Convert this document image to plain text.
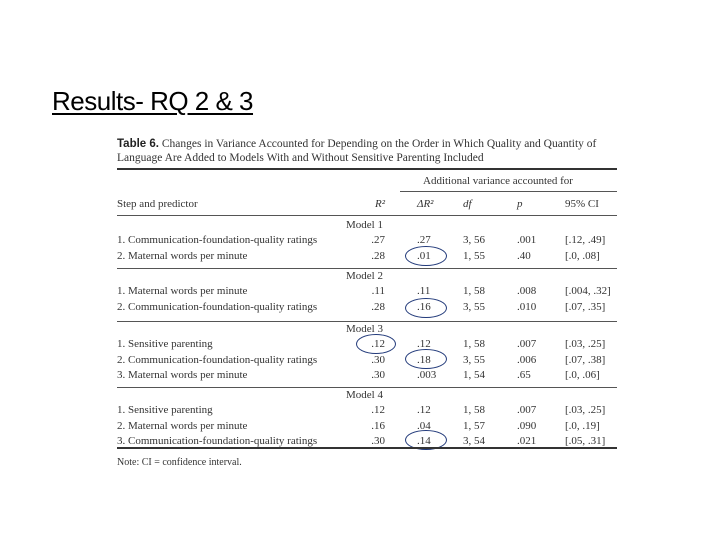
Results- RQ 2 & 3
Table 6. Changes in Variance Accounted for Depending on the Order in Which Quality and Quantity of Language Are Added to Models With and Without Sensitive Parenting Included
Additional variance accounted for
Step and predictor	R²	ΔR²	df	p	95% CI
Model 1
1. Communication-foundation-quality ratings	.27	.27	3, 56	.001	[.12, .49]
2. Maternal words per minute	.28	.01	1, 55	.40	[.0, .08]
Model 2
1. Maternal words per minute	.11	.11	1, 58	.008	[.004, .32]
2. Communication-foundation-quality ratings	.28	.16	3, 55	.010	[.07, .35]
Model 3
1. Sensitive parenting	.12	.12	1, 58	.007	[.03, .25]
2. Communication-foundation-quality ratings	.30	.18	3, 55	.006	[.07, .38]
3. Maternal words per minute	.30	.003	1, 54	.65	[.0, .06]
Model 4
1. Sensitive parenting	.12	.12	1, 58	.007	[.03, .25]
2. Maternal words per minute	.16	.04	1, 57	.090	[.0, .19]
3. Communication-foundation-quality ratings	.30	.14	3, 54	.021	[.05, .31]
Note: CI = confidence interval.
